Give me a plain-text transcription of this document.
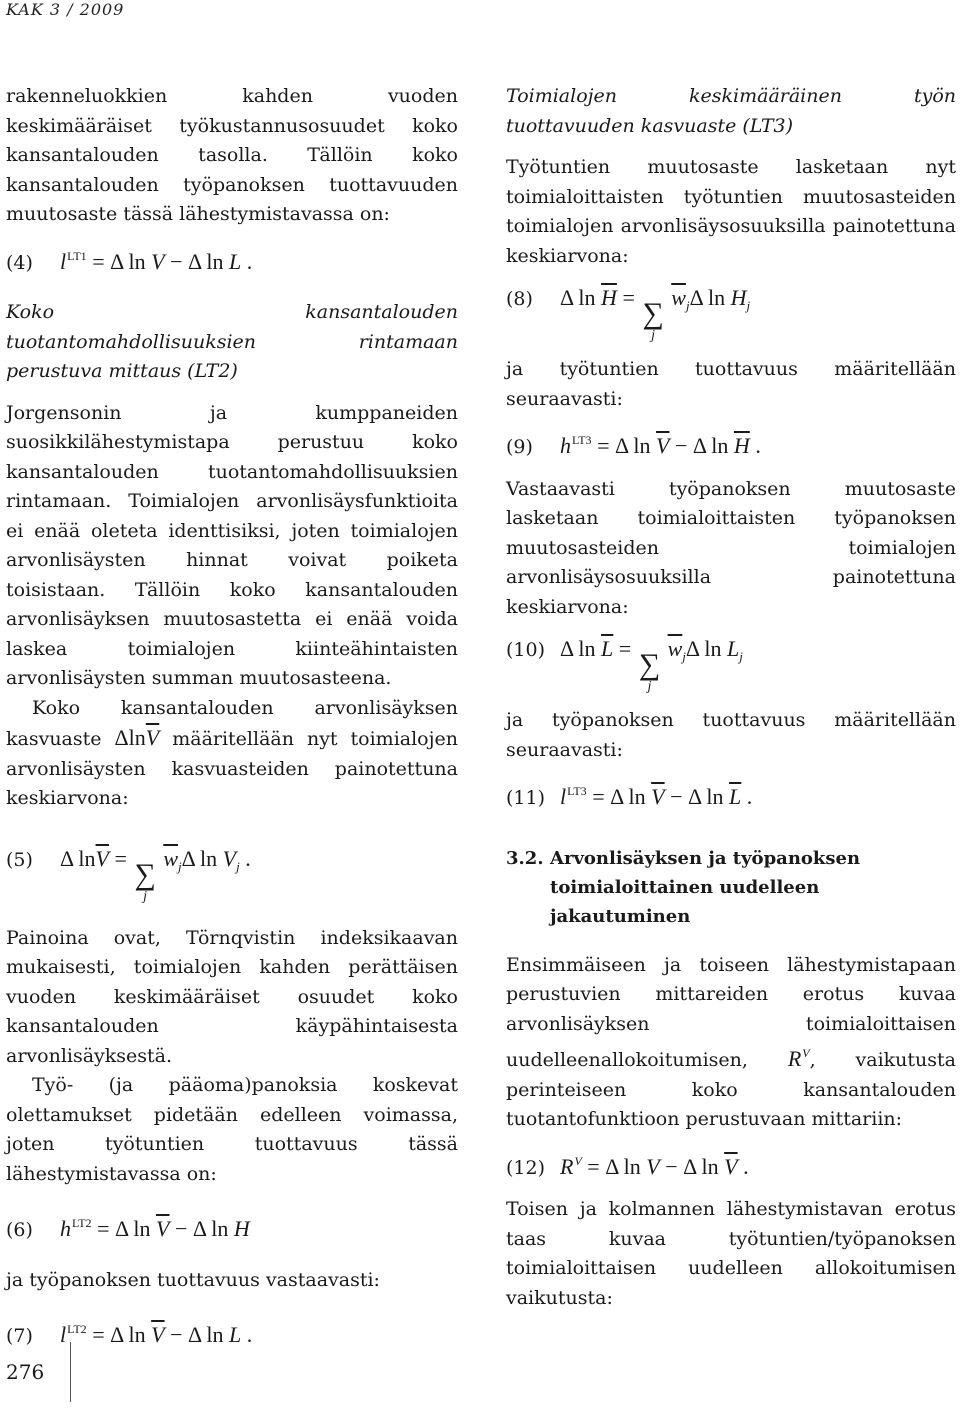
KAK 3 / 2009

rakenneluokkien kahden vuoden keskimääräiset työkustannusosuudet koko kansantalouden tasolla. Tällöin koko kansantalouden työpanoksen tuottavuuden muutosaste tässä lähestymistavassa on:

(4)	$l^{LT1} = \Delta$ ln V − Δ ln L .

Koko kansantalouden tuotantomahdollisuuksien rintamaan perustuva mittaus (LT2)

Jorgensonin ja kumppaneiden suosikkilähestymistapa perustuu koko kansantalouden tuotantomahdollisuuksien rintamaan. Toimialojen arvonlisäysfunktioita ei enää oleteta identtisiksi, joten toimialojen arvonlisäysten hinnat voivat poiketa toisistaan. Tällöin koko kansantalouden arvonlisäyksen muutosastetta ei enää voida laskea toimialojen kiinteähintaisten arvonlisäysten summan muutosasteena.

Koko kansantalouden arvonlisäyksen kasvuaste $\Delta\ln\overline{V}$ määritellään nyt toimialojen arvonlisäysten kasvuasteiden painotettuna keskiarvona:

(5)	Δ $\ln\overline{V}$ = ∑
j
$\overline{w}_j\Delta$ $\ln V_j$ .

Painoina ovat, Törnqvistin indeksikaavan mukaisesti, toimialojen kahden perättäisen vuoden keskimääräiset osuudet koko kansantalouden käypähintaisesta arvonlisäyksestä.

Työ- (ja pääoma)panoksia koskevat olettamukset pidetään edelleen voimassa, joten työtuntien tuottavuus tässä lähestymistavassa on:

(6)	$h^{LT2} = \Delta$ $\ln \overline{V} - \Delta$ ln H

ja työpanoksen tuottavuus vastaavasti:

(7)	$l^{LT2} = \Delta$ $\ln \overline{V} - \Delta$ ln L .

Toimialojen keskimääräinen työn tuottavuuden kasvuaste (LT3)

Työtuntien muutosaste lasketaan nyt toimialoittaisten työtuntien muutosasteiden toimialojen arvonlisäysosuuksilla painotettuna keskiarvona:

(8)	Δ $\ln \overline{H}$ = ∑
j
$\overline{w}_j\Delta$ $\ln H_j$

ja työtuntien tuottavuus määritellään seuraavasti:

(9)	$h^{LT3} = \Delta$ $\ln \overline{V} - \Delta$ $\ln \overline{H}$ .

Vastaavasti työpanoksen muutosaste lasketaan toimialoittaisten työpanoksen muutosasteiden toimialojen arvonlisäysosuuksilla painotettuna keskiarvona:

(10) Δ $\ln \overline{L}$ = ∑
j
$\overline{w}_j\Delta$ $\ln L_j$

ja työpanoksen tuottavuus määritellään seuraavasti:

(11) $l^{LT3} = \Delta$ $\ln \overline{V} - \Delta$ $\ln \overline{L}$ .
3.2. Arvonlisäyksen ja työpanoksen toimialoittainen uudelleen jakautuminen

Ensimmäiseen ja toiseen lähestymistapaan perustuvien mittareiden erotus kuvaa arvonlisäyksen toimialoittaisen uudelleenallokoitumisen, $R^V$, vaikutusta perinteiseen koko kansantalouden tuotantofunktioon perustuvaan mittariin:

(12) $R^V = \Delta$ ln V − Δ $\ln \overline{V}$ .

Toisen ja kolmannen lähestymistavan erotus taas kuvaa työtuntien/työpanoksen toimialoittaisen uudelleen allokoitumisen vaikutusta:

276
